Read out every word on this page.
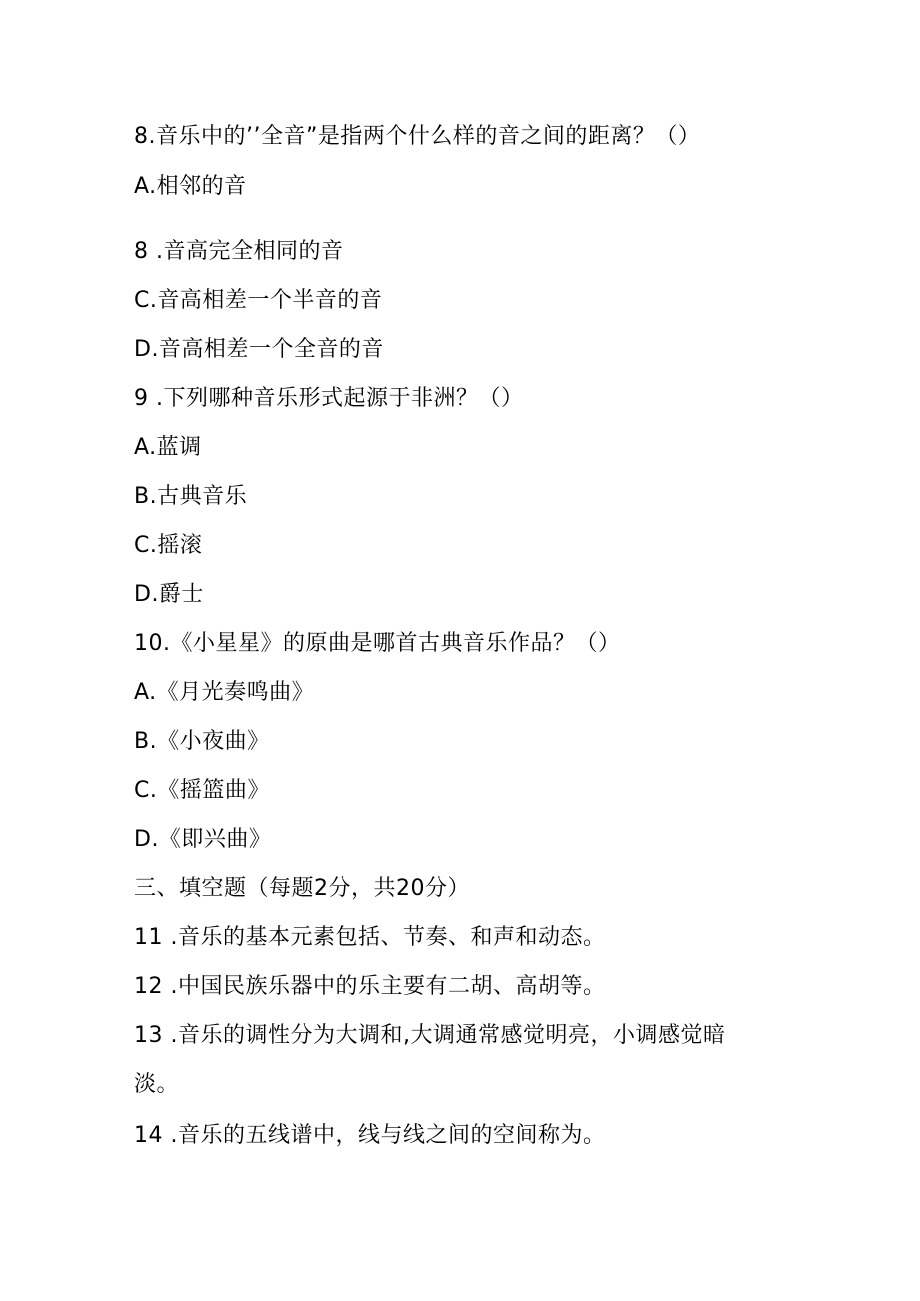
8.音乐中的’’全音”是指两个什么样的音之间的距离？（）
A.相邻的音
8 .音高完全相同的音
C.音高相差一个半音的音
D.音高相差一个全音的音
9 .下列哪种音乐形式起源于非洲？（）
A.蓝调
B.古典音乐
C.摇滚
D.爵士
10.《小星星》的原曲是哪首古典音乐作品？（）
A.《月光奏鸣曲》
B.《小夜曲》
C.《摇篮曲》
D.《即兴曲》
三、填空题（每题2分，共20分）
11 .音乐的基本元素包括、节奏、和声和动态。
12 .中国民族乐器中的乐主要有二胡、高胡等。
13 .音乐的调性分为大调和,大调通常感觉明亮，小调感觉暗
淡。
14 .音乐的五线谱中，线与线之间的空间称为。
